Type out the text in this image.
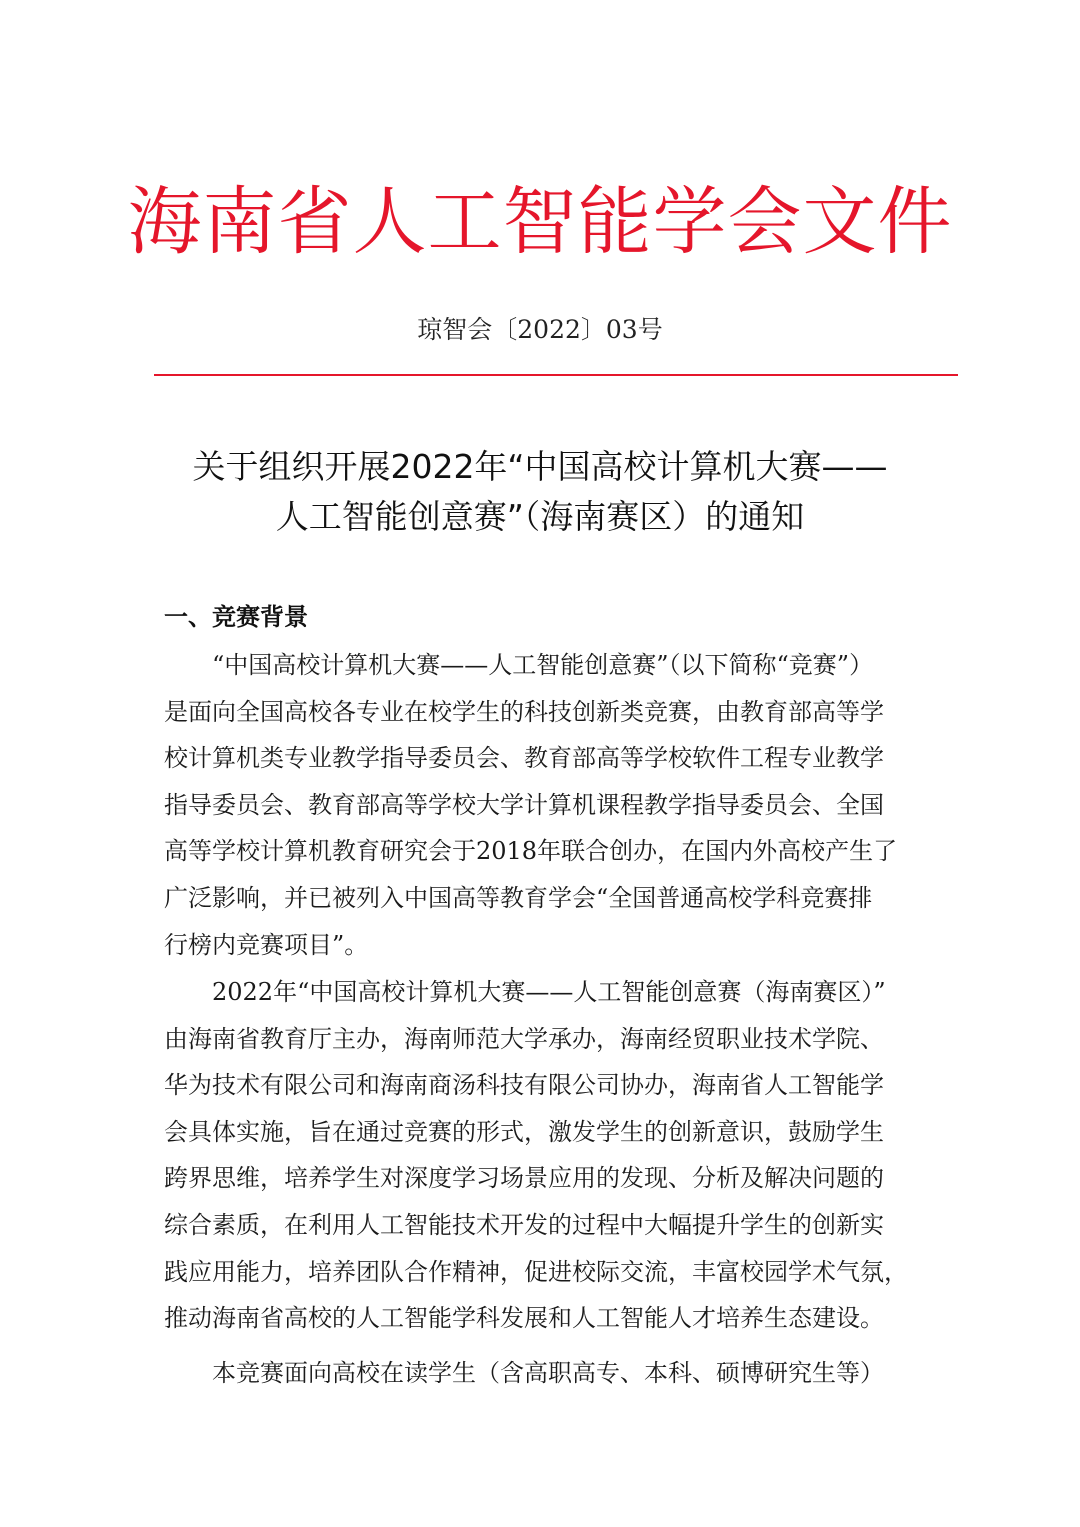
海南省人工智能学会文件
琼智会〔2022〕03号
关于组织开展2022年“中国高校计算机大赛——
人工智能创意赛”（海南赛区）的通知
一、竞赛背景
“中国高校计算机大赛——人工智能创意赛”（以下简称“竞赛”）
是面向全国高校各专业在校学生的科技创新类竞赛，由教育部高等学
校计算机类专业教学指导委员会、教育部高等学校软件工程专业教学
指导委员会、教育部高等学校大学计算机课程教学指导委员会、全国
高等学校计算机教育研究会于2018年联合创办，在国内外高校产生了
广泛影响，并已被列入中国高等教育学会“全国普通高校学科竞赛排
行榜内竞赛项目”。
2022年“中国高校计算机大赛——人工智能创意赛（海南赛区）”
由海南省教育厅主办，海南师范大学承办，海南经贸职业技术学院、
华为技术有限公司和海南商汤科技有限公司协办，海南省人工智能学
会具体实施，旨在通过竞赛的形式，激发学生的创新意识，鼓励学生
跨界思维，培养学生对深度学习场景应用的发现、分析及解决问题的
综合素质，在利用人工智能技术开发的过程中大幅提升学生的创新实
践应用能力，培养团队合作精神，促进校际交流，丰富校园学术气氛，
推动海南省高校的人工智能学科发展和人工智能人才培养生态建设。
本竞赛面向高校在读学生（含高职高专、本科、硕博研究生等）
